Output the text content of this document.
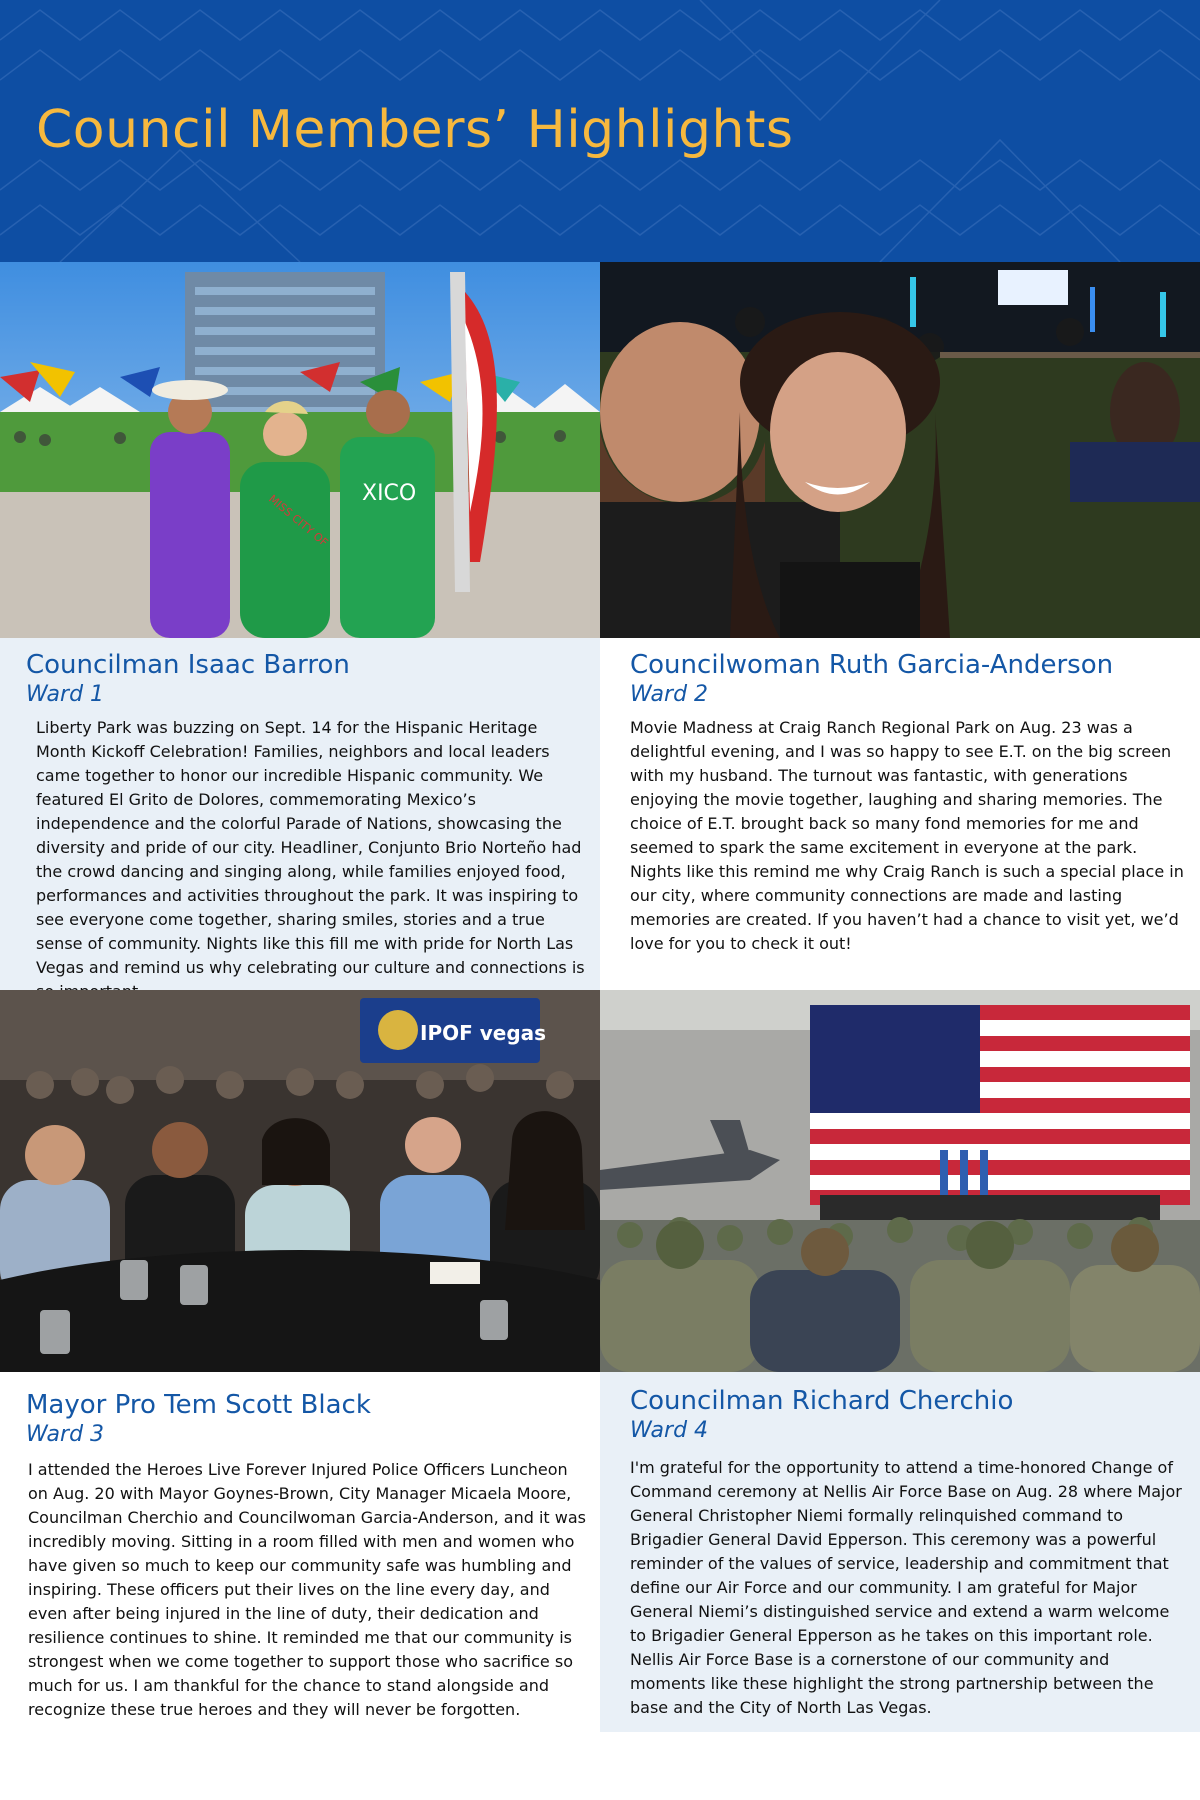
Council Members’ Highlights
MISS CITY OF XICO
Councilman Isaac Barron

Ward 1

Liberty Park was buzzing on Sept. 14 for the Hispanic Heritage Month Kickoff Celebration! Families, neighbors and local leaders came together to honor our incredible Hispanic community. We featured El Grito de Dolores, commemorating Mexico’s independence and the colorful Parade of Nations, showcasing the diversity and pride of our city. Headliner, Conjunto Brio Norteño had the crowd dancing and singing along, while families enjoyed food, performances and activities throughout the park. It was inspiring to see everyone come together, sharing smiles, stories and a true sense of community. Nights like this fill me with pride for North Las Vegas and remind us why celebrating our culture and connections is

Councilwoman Ruth Garcia-Anderson

Ward 2

Movie Madness at Craig Ranch Regional Park on Aug. 23 was a delightful evening, and I was so happy to see E.T. on the big screen with my husband. The turnout was fantastic, with generations enjoying the movie together, laughing and sharing memories. The choice of E.T. brought back so many fond memories for me and seemed to spark the same excitement in everyone at the park. Nights like this remind me why Craig Ranch is such a special place in our city, where community connections are made and lasting memories are created. If you haven’t had a chance to visit yet, we’d love for you to check it out!

IPOF vegas
Mayor Pro Tem Scott Black

Ward 3

I attended the Heroes Live Forever Injured Police Officers Luncheon on Aug. 20 with Mayor Goynes-Brown, City Manager Micaela Moore, Councilman Cherchio and Councilwoman Garcia-Anderson, and it was incredibly moving. Sitting in a room filled with men and women who have given so much to keep our community safe was humbling and inspiring. These officers put their lives on the line every day, and even after being injured in the line of duty, their dedication and resilience continues to shine. It reminded me that our community is strongest when we come together to support those who sacrifice so much for us. I am thankful for the chance to stand alongside and recognize these true heroes and they will never be forgotten.

Councilman Richard Cherchio

Ward 4

I'm grateful for the opportunity to attend a time-honored Change of Command ceremony at Nellis Air Force Base on Aug. 28 where Major General Christopher Niemi formally relinquished command to Brigadier General David Epperson. This ceremony was a powerful reminder of the values of service, leadership and commitment that define our Air Force and our community. I am grateful for Major General Niemi’s distinguished service and extend a warm welcome to Brigadier General Epperson as he takes on this important role. Nellis Air Force Base is a cornerstone of our community and moments like these highlight the strong partnership between the base and the City of North Las Vegas.
